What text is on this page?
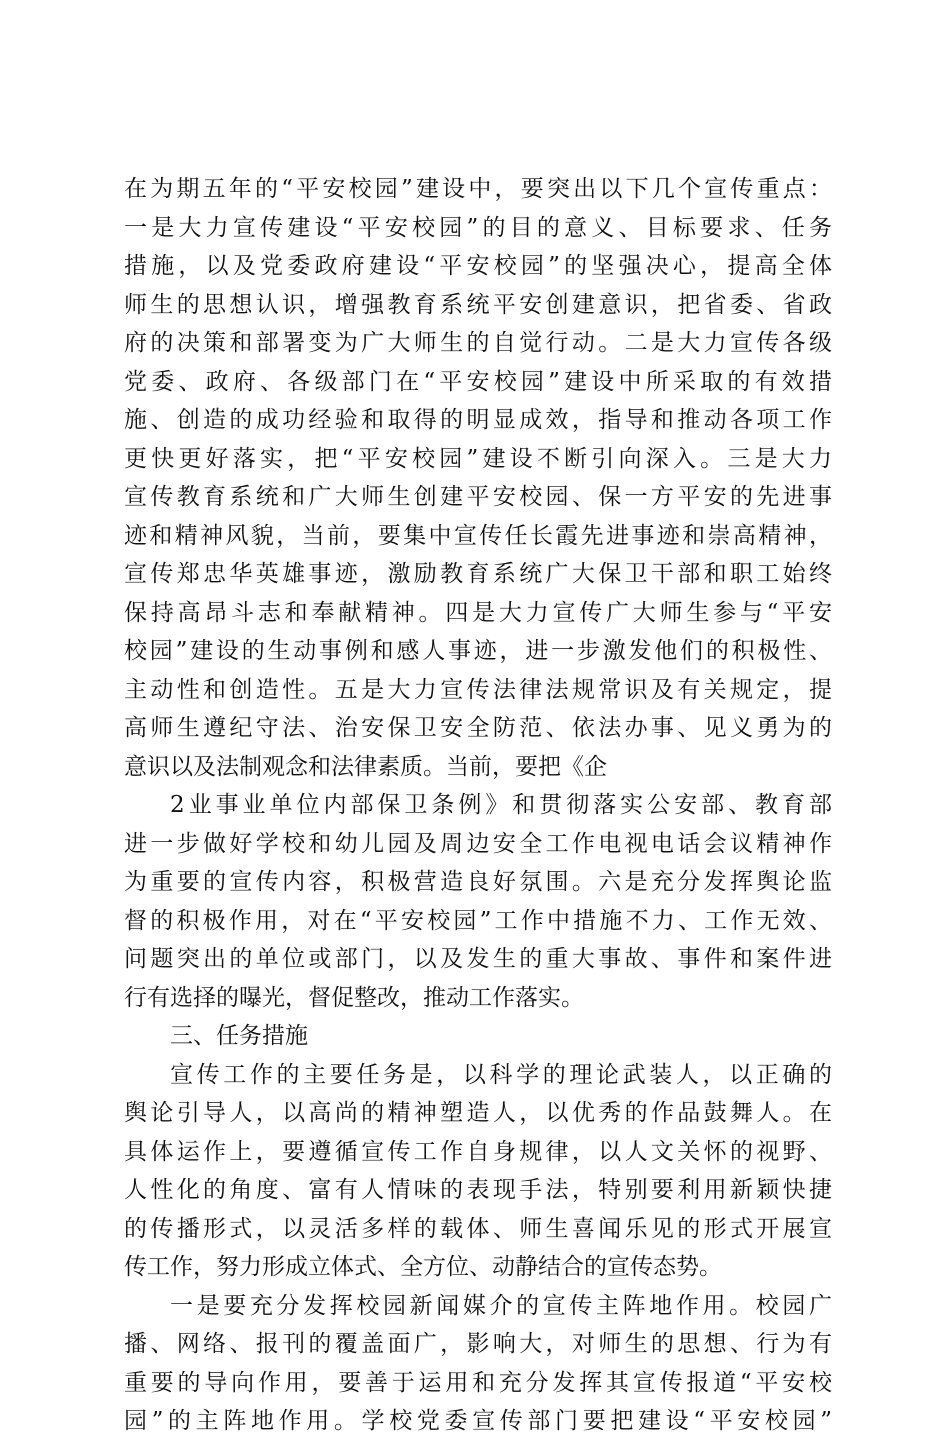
在为期五年的“平安校园”建设中，要突出以下几个宣传重点：
一是大力宣传建设“平安校园”的目的意义、目标要求、任务
措施，以及党委政府建设“平安校园”的坚强决心，提高全体
师生的思想认识，增强教育系统平安创建意识，把省委、省政
府的决策和部署变为广大师生的自觉行动。二是大力宣传各级
党委、政府、各级部门在“平安校园”建设中所采取的有效措
施、创造的成功经验和取得的明显成效，指导和推动各项工作
更快更好落实，把“平安校园”建设不断引向深入。三是大力
宣传教育系统和广大师生创建平安校园、保一方平安的先进事
迹和精神风貌，当前，要集中宣传任长霞先进事迹和崇高精神，
宣传郑忠华英雄事迹，激励教育系统广大保卫干部和职工始终
保持高昂斗志和奉献精神。四是大力宣传广大师生参与“平安
校园”建设的生动事例和感人事迹，进一步激发他们的积极性、
主动性和创造性。五是大力宣传法律法规常识及有关规定，提
高师生遵纪守法、治安保卫安全防范、依法办事、见义勇为的
意识以及法制观念和法律素质。当前，要把《企
2业事业单位内部保卫条例》和贯彻落实公安部、教育部
进一步做好学校和幼儿园及周边安全工作电视电话会议精神作
为重要的宣传内容，积极营造良好氛围。六是充分发挥舆论监
督的积极作用，对在“平安校园”工作中措施不力、工作无效、
问题突出的单位或部门，以及发生的重大事故、事件和案件进
行有选择的曝光，督促整改，推动工作落实。
三、任务措施
宣传工作的主要任务是，以科学的理论武装人，以正确的
舆论引导人，以高尚的精神塑造人，以优秀的作品鼓舞人。在
具体运作上，要遵循宣传工作自身规律，以人文关怀的视野、
人性化的角度、富有人情味的表现手法，特别要利用新颖快捷
的传播形式，以灵活多样的载体、师生喜闻乐见的形式开展宣
传工作，努力形成立体式、全方位、动静结合的宣传态势。
一是要充分发挥校园新闻媒介的宣传主阵地作用。校园广
播、网络、报刊的覆盖面广，影响大，对师生的思想、行为有
重要的导向作用，要善于运用和充分发挥其宣传报道“平安校
园”的主阵地作用。学校党委宣传部门要把建设“平安校园”
